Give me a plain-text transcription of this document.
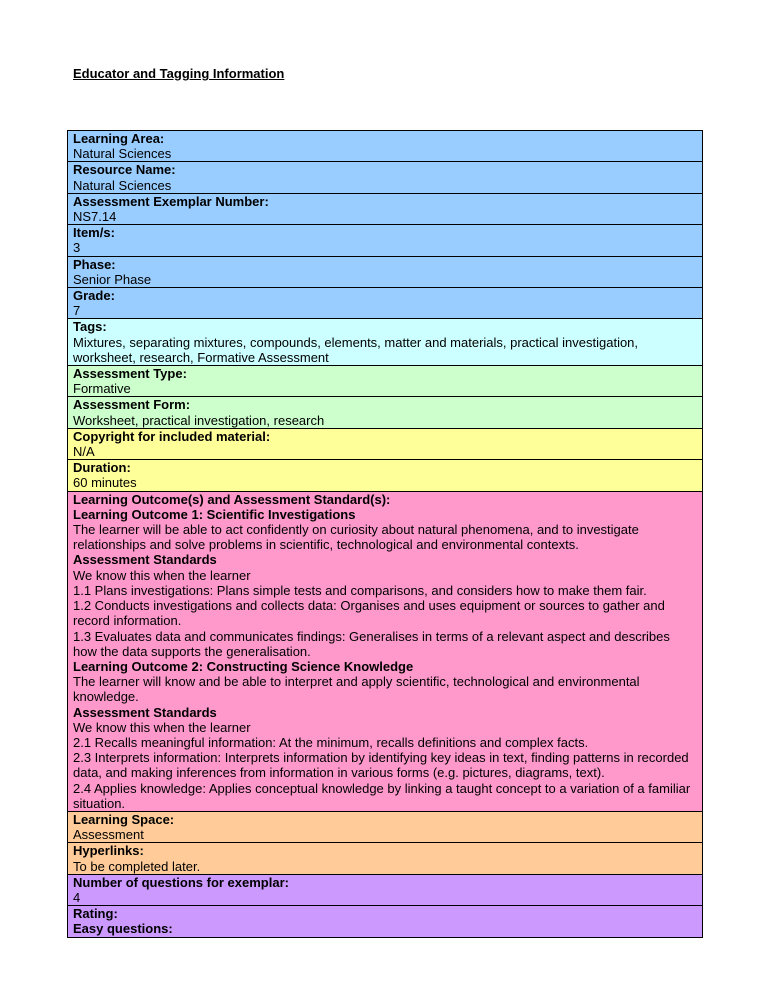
Educator and Tagging Information
Learning Area:
Natural Sciences

Resource Name:
Natural Sciences

Assessment Exemplar Number:
NS7.14

Item/s:
3

Phase:
Senior Phase

Grade:
7

Tags:
Mixtures, separating mixtures, compounds, elements, matter and materials, practical investigation, worksheet, research, Formative Assessment

Assessment Type:
Formative

Assessment Form:
Worksheet, practical investigation, research

Copyright for included material:
N/A

Duration:
60 minutes

Learning Outcome(s) and Assessment Standard(s):
Learning Outcome 1: Scientific Investigations
The learner will be able to act confidently on curiosity about natural phenomena, and to investigate relationships and solve problems in scientific, technological and environmental contexts.
Assessment Standards
We know this when the learner
1.1 Plans investigations: Plans simple tests and comparisons, and considers how to make them fair.
1.2 Conducts investigations and collects data: Organises and uses equipment or sources to gather and record information.
1.3 Evaluates data and communicates findings: Generalises in terms of a relevant aspect and describes how the data supports the generalisation.
Learning Outcome 2: Constructing Science Knowledge
The learner will know and be able to interpret and apply scientific, technological and environmental knowledge.
Assessment Standards
We know this when the learner
2.1 Recalls meaningful information: At the minimum, recalls definitions and complex facts.
2.3 Interprets information: Interprets information by identifying key ideas in text, finding patterns in recorded data, and making inferences from information in various forms (e.g. pictures, diagrams, text).
2.4 Applies knowledge: Applies conceptual knowledge by linking a taught concept to a variation of a familiar situation.

Learning Space:
Assessment

Hyperlinks:
To be completed later.

Number of questions for exemplar:
4

Rating:
Easy questions:
